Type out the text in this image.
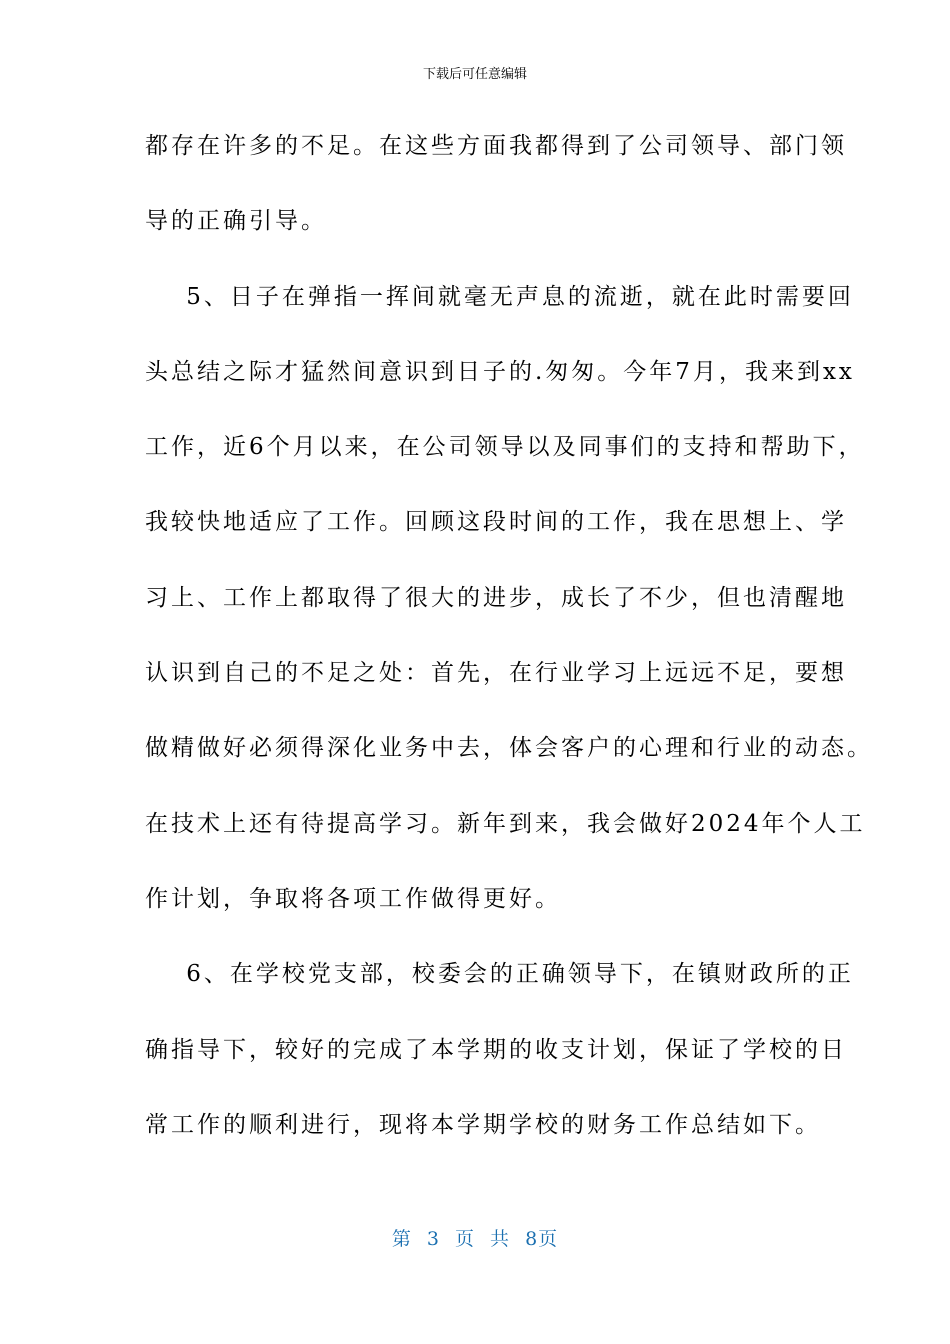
下载后可任意编辑
都存在许多的不足。在这些方面我都得到了公司领导、部门领
导的正确引导。
5、日子在弹指一挥间就毫无声息的流逝，就在此时需要回
头总结之际才猛然间意识到日子的.匆匆。今年7月，我来到xx
工作，近6个月以来，在公司领导以及同事们的支持和帮助下，
我较快地适应了工作。回顾这段时间的工作，我在思想上、学
习上、工作上都取得了很大的进步，成长了不少，但也清醒地
认识到自己的不足之处：首先，在行业学习上远远不足，要想
做精做好必须得深化业务中去，体会客户的心理和行业的动态。
在技术上还有待提高学习。新年到来，我会做好2024年个人工
作计划，争取将各项工作做得更好。
6、在学校党支部，校委会的正确领导下，在镇财政所的正
确指导下，较好的完成了本学期的收支计划，保证了学校的日
常工作的顺利进行，现将本学期学校的财务工作总结如下。
第 3 页 共 8页
